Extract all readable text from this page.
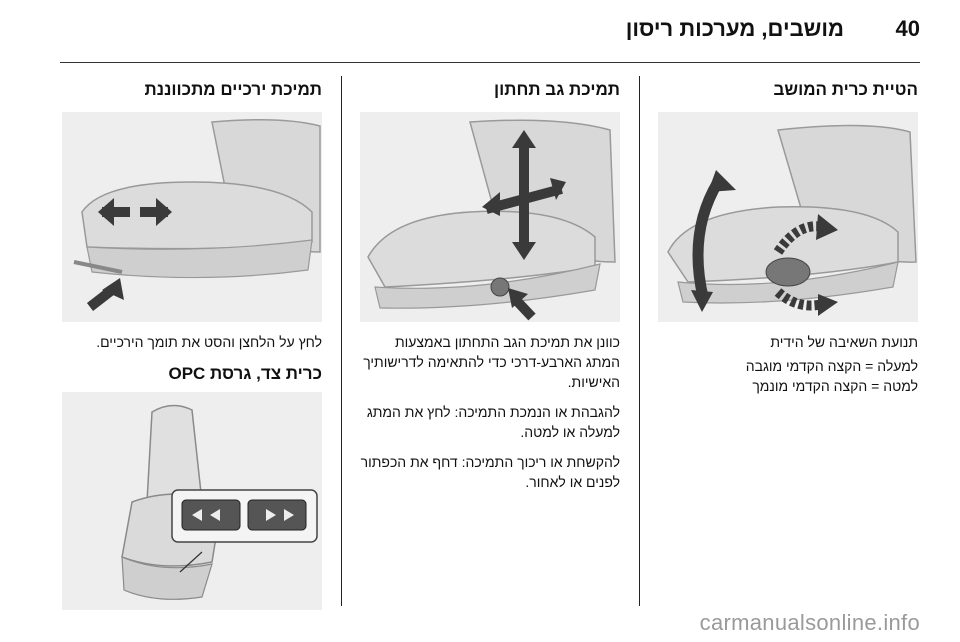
40
מושבים, מערכות ריסון
הטיית כרית המושב

תנועת השאיבה של הידית

למעלה = הקצה הקדמי מוגבה

למטה = הקצה הקדמי מונמך

תמיכת גב תחתון

כוונן את תמיכת הגב התחתון באמצעות המתג הארבע-דרכי כדי להתאימה לדרישותיך האישיות.

להגבהת או הנמכת התמיכה: לחץ את המתג למעלה או למטה.

להקשחת או ריכוך התמיכה: דחף את הכפתור לפנים או לאחור.

תמיכת ירכיים מתכווננת

לחץ על הלחצן והסט את תומך הירכיים.

כרית צד, גרסת OPC
carmanualsonline.info
